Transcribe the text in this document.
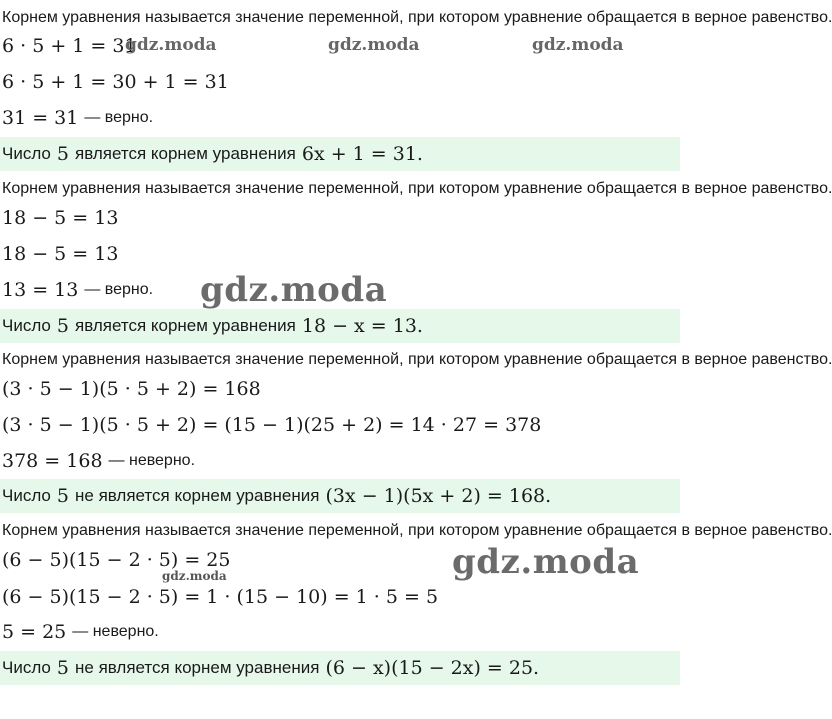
Корнем уравнения называется значение переменной, при котором уравнение обращается в верное равенство.
6 · 5 + 1 = 31
6 · 5 + 1 = 30 + 1 = 31
31 = 31 — верно.
Число 5 является корнем уравнения 6x + 1 = 31.
Корнем уравнения называется значение переменной, при котором уравнение обращается в верное равенство.
18 − 5 = 13
18 − 5 = 13
13 = 13 — верно.
Число 5 является корнем уравнения 18 − x = 13.
Корнем уравнения называется значение переменной, при котором уравнение обращается в верное равенство.
(3 · 5 − 1)(5 · 5 + 2) = 168
(3 · 5 − 1)(5 · 5 + 2) = (15 − 1)(25 + 2) = 14 · 27 = 378
378 = 168 — неверно.
Число 5 не является корнем уравнения (3x − 1)(5x + 2) = 168.
Корнем уравнения называется значение переменной, при котором уравнение обращается в верное равенство.
(6 − 5)(15 − 2 · 5) = 25
(6 − 5)(15 − 2 · 5) = 1 · (15 − 10) = 1 · 5 = 5
5 = 25 — неверно.
Число 5 не является корнем уравнения (6 − x)(15 − 2x) = 25.
gdz.moda	gdz.moda	gdz.moda
gdz.moda
gdz.moda
gdz.moda
